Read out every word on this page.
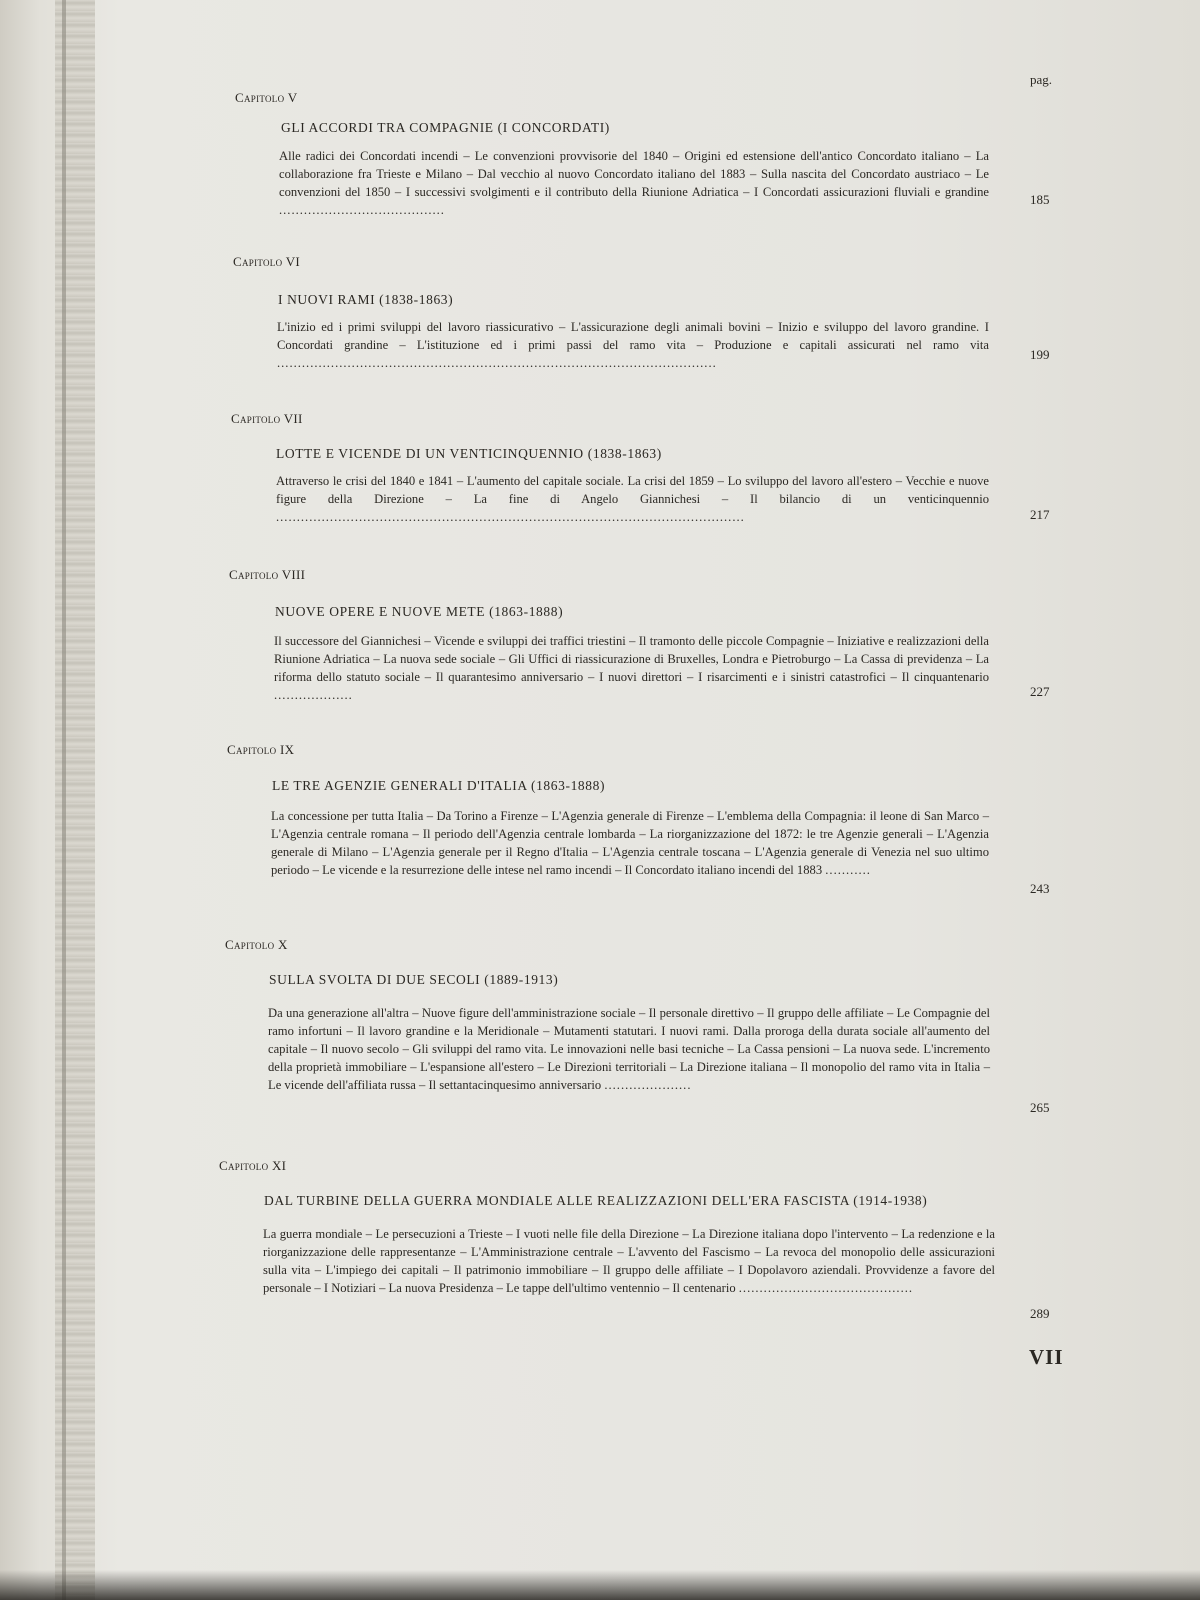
pag.
Capitolo V
GLI ACCORDI TRA COMPAGNIE (I CONCORDATI)
Alle radici dei Concordati incendi – Le convenzioni provvisorie del 1840 – Origini ed estensione dell'antico Concordato italiano – La collaborazione fra Trieste e Milano – Dal vecchio al nuovo Concordato italiano del 1883 – Sulla nascita del Concordato austriaco – Le convenzioni del 1850 – I successivi svolgimenti e il contributo della Riunione Adriatica – I Concordati assicurazioni fluviali e grandine ........................................
185
Capitolo VI
I NUOVI RAMI (1838-1863)
L'inizio ed i primi sviluppi del lavoro riassicurativo – L'assicurazione degli animali bovini – Inizio e sviluppo del lavoro grandine. I Concordati grandine – L'istituzione ed i primi passi del ramo vita – Produzione e capitali assicurati nel ramo vita ..........................................................................................................
199
Capitolo VII
LOTTE E VICENDE DI UN VENTICINQUENNIO (1838-1863)
Attraverso le crisi del 1840 e 1841 – L'aumento del capitale sociale. La crisi del 1859 – Lo sviluppo del lavoro all'estero – Vecchie e nuove figure della Direzione – La fine di Angelo Giannichesi – Il bilancio di un venticinquennio .................................................................................................................	217
Capitolo VIII
NUOVE OPERE E NUOVE METE (1863-1888)
Il successore del Giannichesi – Vicende e sviluppi dei traffici triestini – Il tramonto delle piccole Compagnie – Iniziative e realizzazioni della Riunione Adriatica – La nuova sede sociale – Gli Uffici di riassicurazione di Bruxelles, Londra e Pietroburgo – La Cassa di previdenza – La riforma dello statuto sociale – Il quarantesimo anniversario – I nuovi direttori – I risarcimenti e i sinistri catastrofici – Il cinquantenario ...................	227
Capitolo IX
LE TRE AGENZIE GENERALI D'ITALIA (1863-1888)
La concessione per tutta Italia – Da Torino a Firenze – L'Agenzia generale di Firenze – L'emblema della Compagnia: il leone di San Marco – L'Agenzia centrale romana – Il periodo dell'Agenzia centrale lombarda – La riorganizzazione del 1872: le tre Agenzie generali – L'Agenzia generale di Milano – L'Agenzia generale per il Regno d'Italia – L'Agenzia centrale toscana – L'Agenzia generale di Venezia nel suo ultimo periodo – Le vicende e la resurrezione delle intese nel ramo incendi – Il Concordato italiano incendi del 1883 ...........
243
Capitolo X
SULLA SVOLTA DI DUE SECOLI (1889-1913)
Da una generazione all'altra – Nuove figure dell'amministrazione sociale – Il personale direttivo – Il gruppo delle affiliate – Le Compagnie del ramo infortuni – Il lavoro grandine e la Meridionale – Mutamenti statutari. I nuovi rami. Dalla proroga della durata sociale all'aumento del capitale – Il nuovo secolo – Gli sviluppi del ramo vita. Le innovazioni nelle basi tecniche – La Cassa pensioni – La nuova sede. L'incremento della proprietà immobiliare – L'espansione all'estero – Le Direzioni territoriali – La Direzione italiana – Il monopolio del ramo vita in Italia – Le vicende dell'affiliata russa – Il settantacinquesimo anniversario .....................
265
Capitolo XI
DAL TURBINE DELLA GUERRA MONDIALE ALLE REALIZZAZIONI DELL'ERA FASCISTA (1914-1938)
La guerra mondiale – Le persecuzioni a Trieste – I vuoti nelle file della Direzione – La Direzione italiana dopo l'intervento – La redenzione e la riorganizzazione delle rappresentanze – L'Amministrazione centrale – L'avvento del Fascismo – La revoca del monopolio delle assicurazioni sulla vita – L'impiego dei capitali – Il patrimonio immobiliare – Il gruppo delle affiliate – I Dopolavoro aziendali. Provvidenze a favore del personale – I Notiziari – La nuova Presidenza – Le tappe dell'ultimo ventennio – Il centenario ..........................................
289
VII
